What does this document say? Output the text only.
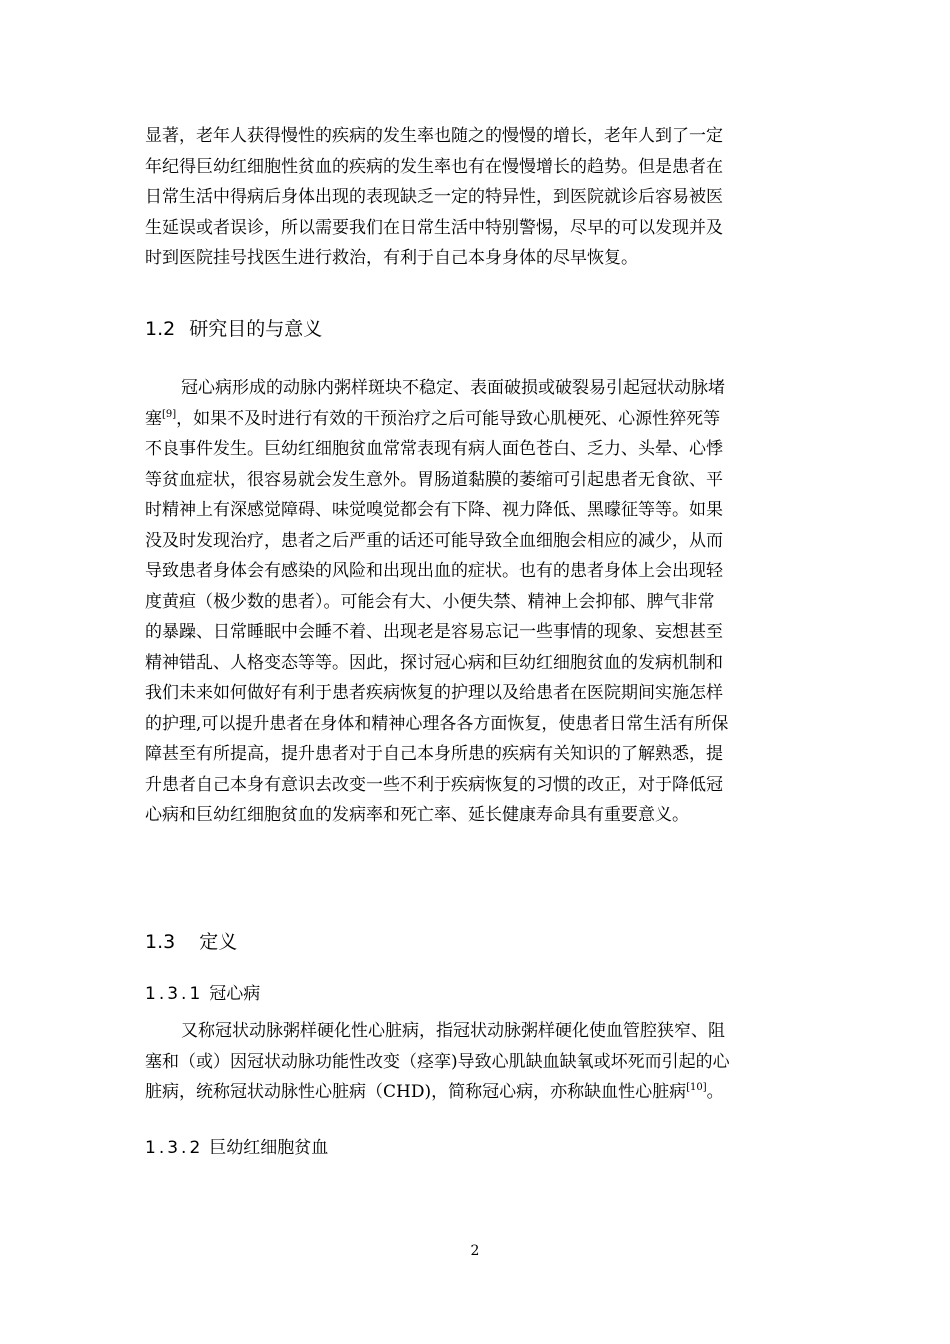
显著，老年人获得慢性的疾病的发生率也随之的慢慢的增长，老年人到了一定
年纪得巨幼红细胞性贫血的疾病的发生率也有在慢慢增长的趋势。但是患者在
日常生活中得病后身体出现的表现缺乏一定的特异性，到医院就诊后容易被医
生延误或者误诊，所以需要我们在日常生活中特别警惕，尽早的可以发现并及
时到医院挂号找医生进行救治，有利于自己本身身体的尽早恢复。
1.2 研究目的与意义
冠心病形成的动脉内粥样斑块不稳定、表面破损或破裂易引起冠状动脉堵
塞[9]，如果不及时进行有效的干预治疗之后可能导致心肌梗死、心源性猝死等
不良事件发生。巨幼红细胞贫血常常表现有病人面色苍白、乏力、头晕、心悸
等贫血症状，很容易就会发生意外。胃肠道黏膜的萎缩可引起患者无食欲、平
时精神上有深感觉障碍、味觉嗅觉都会有下降、视力降低、黑曚征等等。如果
没及时发现治疗，患者之后严重的话还可能导致全血细胞会相应的减少，从而
导致患者身体会有感染的风险和出现出血的症状。也有的患者身体上会出现轻
度黄疸（极少数的患者）。可能会有大、小便失禁、精神上会抑郁、脾气非常
的暴躁、日常睡眠中会睡不着、出现老是容易忘记一些事情的现象、妄想甚至
精神错乱、人格变态等等。因此，探讨冠心病和巨幼红细胞贫血的发病机制和
我们未来如何做好有利于患者疾病恢复的护理以及给患者在医院期间实施怎样
的护理,可以提升患者在身体和精神心理各各方面恢复，使患者日常生活有所保
障甚至有所提高，提升患者对于自己本身所患的疾病有关知识的了解熟悉，提
升患者自己本身有意识去改变一些不利于疾病恢复的习惯的改正，对于降低冠
心病和巨幼红细胞贫血的发病率和死亡率、延长健康寿命具有重要意义。
1.3 定义
1.3.1 冠心病
又称冠状动脉粥样硬化性心脏病，指冠状动脉粥样硬化使血管腔狭窄、阻
塞和（或）因冠状动脉功能性改变（痉挛)导致心肌缺血缺氧或坏死而引起的心
脏病，统称冠状动脉性心脏病（CHD)，简称冠心病，亦称缺血性心脏病[10]。
1.3.2 巨幼红细胞贫血
2
